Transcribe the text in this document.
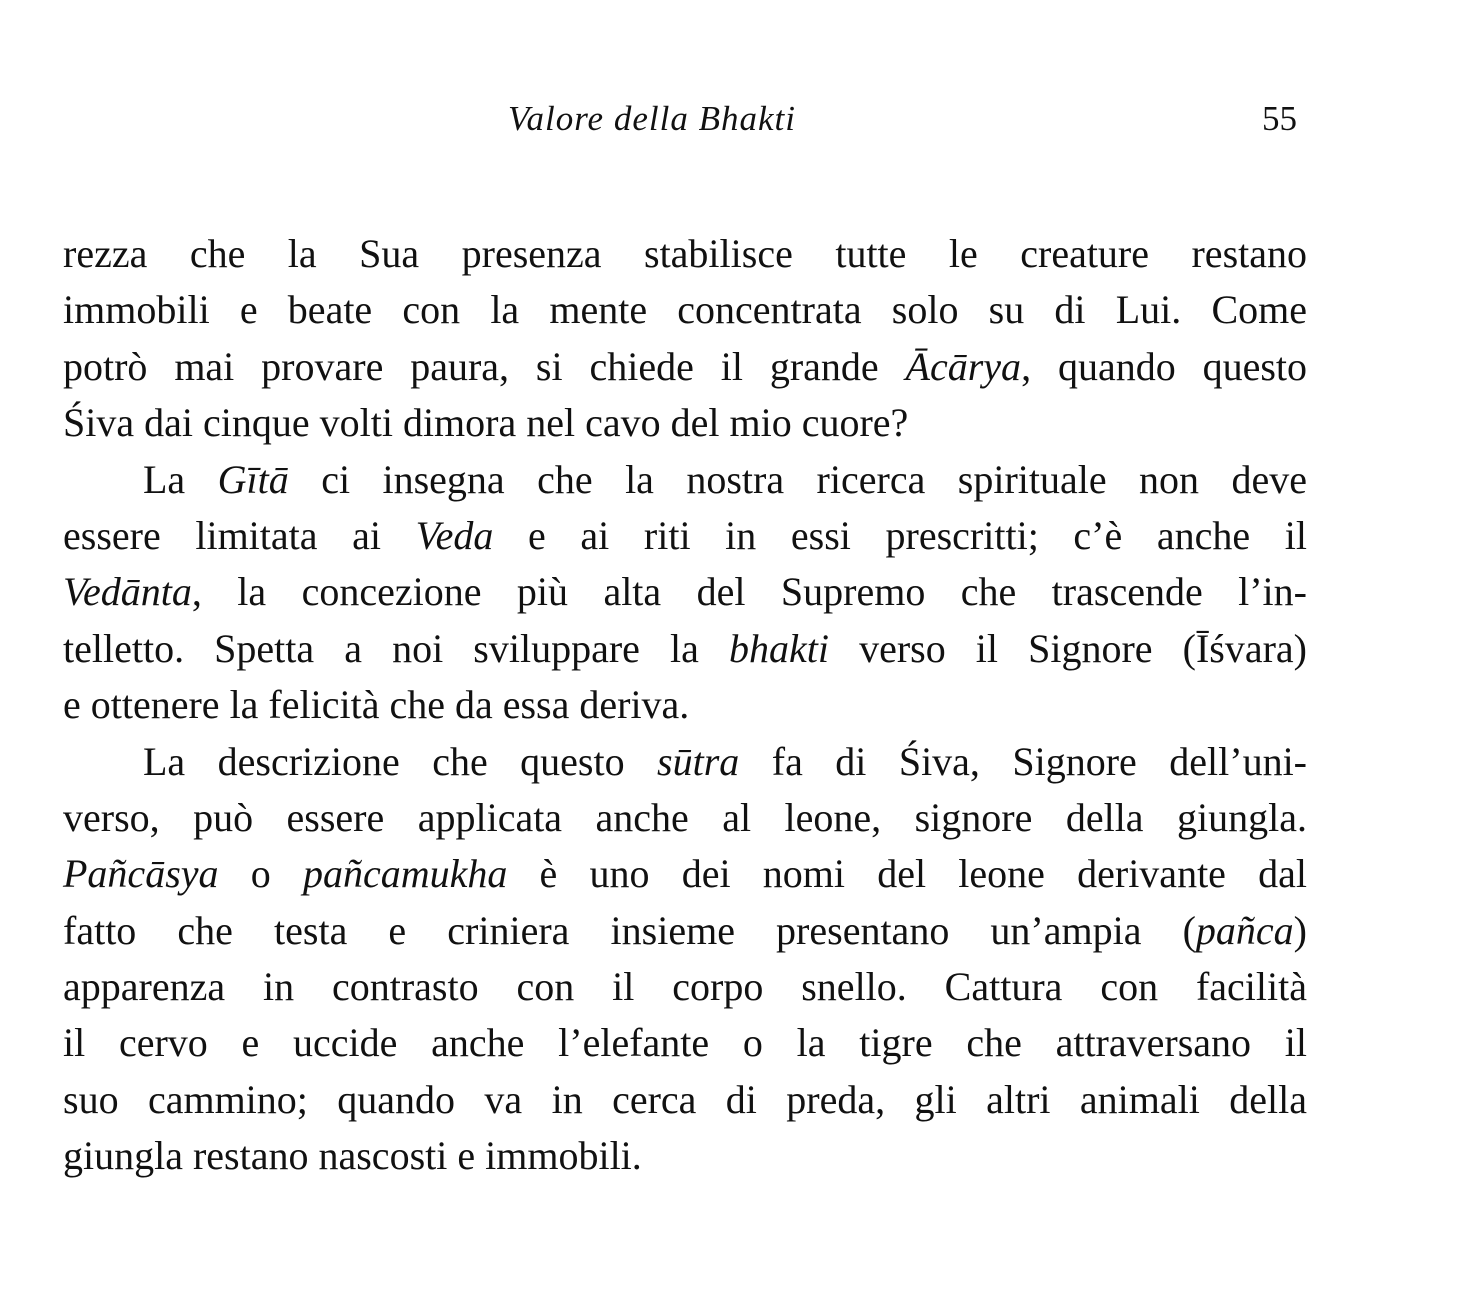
Valore della Bhakti	55
rezza che la Sua presenza stabilisce tutte le creature restano
immobili e beate con la mente concentrata solo su di Lui. Come
potrò mai provare paura, si chiede il grande Ācārya, quando questo
Śiva dai cinque volti dimora nel cavo del mio cuore?
La Gītā ci insegna che la nostra ricerca spirituale non deve
essere limitata ai Veda e ai riti in essi prescritti; c’è anche il
Vedānta, la concezione più alta del Supremo che trascende l’in-
telletto. Spetta a noi sviluppare la bhakti verso il Signore (Īśvara)
e ottenere la felicità che da essa deriva.
La descrizione che questo sūtra fa di Śiva, Signore dell’uni-
verso, può essere applicata anche al leone, signore della giungla.
Pañcāsya o pañcamukha è uno dei nomi del leone derivante dal
fatto che testa e criniera insieme presentano un’ampia (pañca)
apparenza in contrasto con il corpo snello. Cattura con facilità
il cervo e uccide anche l’elefante o la tigre che attraversano il
suo cammino; quando va in cerca di preda, gli altri animali della
giungla restano nascosti e immobili.
